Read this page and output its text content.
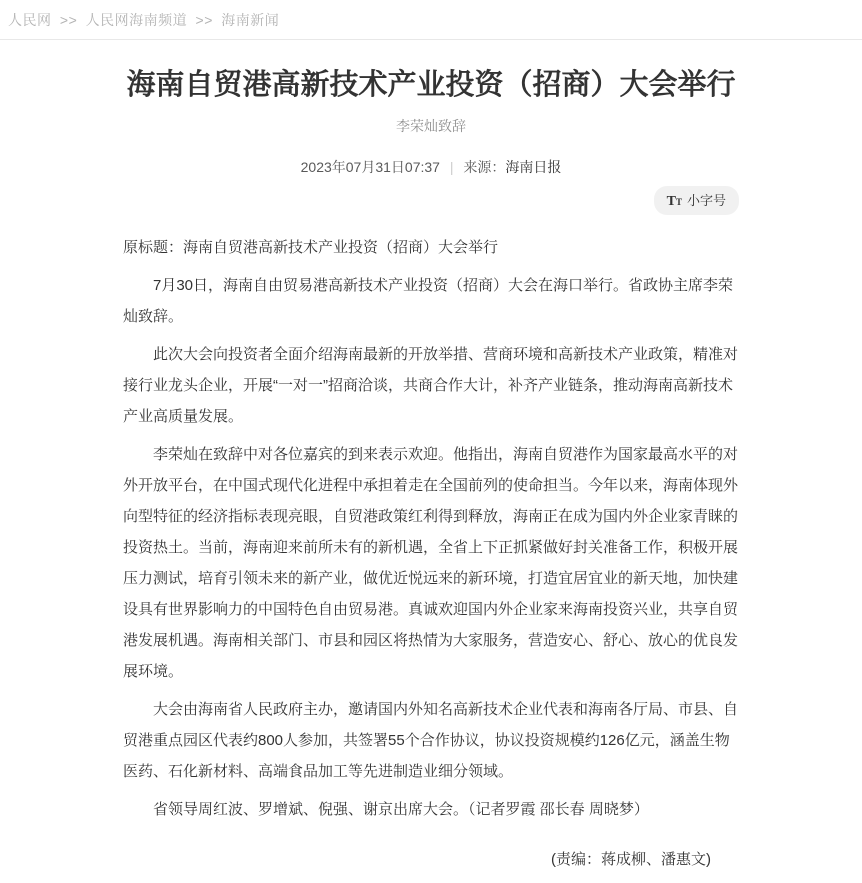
人民网 >> 人民网海南频道 >> 海南新闻
海南自贸港高新技术产业投资（招商）大会举行
李荣灿致辞
2023年07月31日07:37 | 来源：海南日报
T T 小字号
原标题：海南自贸港高新技术产业投资（招商）大会举行

7月30日，海南自由贸易港高新技术产业投资（招商）大会在海口举行。省政协主席李荣灿致辞。

此次大会向投资者全面介绍海南最新的开放举措、营商环境和高新技术产业政策，精准对接行业龙头企业，开展“一对一”招商洽谈，共商合作大计，补齐产业链条，推动海南高新技术产业高质量发展。

李荣灿在致辞中对各位嘉宾的到来表示欢迎。他指出，海南自贸港作为国家最高水平的对外开放平台，在中国式现代化进程中承担着走在全国前列的使命担当。今年以来，海南体现外向型特征的经济指标表现亮眼，自贸港政策红利得到释放，海南正在成为国内外企业家青睐的投资热土。当前，海南迎来前所未有的新机遇，全省上下正抓紧做好封关准备工作，积极开展压力测试，培育引领未来的新产业，做优近悦远来的新环境，打造宜居宜业的新天地，加快建设具有世界影响力的中国特色自由贸易港。真诚欢迎国内外企业家来海南投资兴业，共享自贸港发展机遇。海南相关部门、市县和园区将热情为大家服务，营造安心、舒心、放心的优良发展环境。

大会由海南省人民政府主办，邀请国内外知名高新技术企业代表和海南各厅局、市县、自贸港重点园区代表约800人参加，共签署55个合作协议，协议投资规模约126亿元，涵盖生物医药、石化新材料、高端食品加工等先进制造业细分领域。

省领导周红波、罗增斌、倪强、谢京出席大会。（记者罗霞 邵长春 周晓梦）

(责编：蒋成柳、潘惠文)
